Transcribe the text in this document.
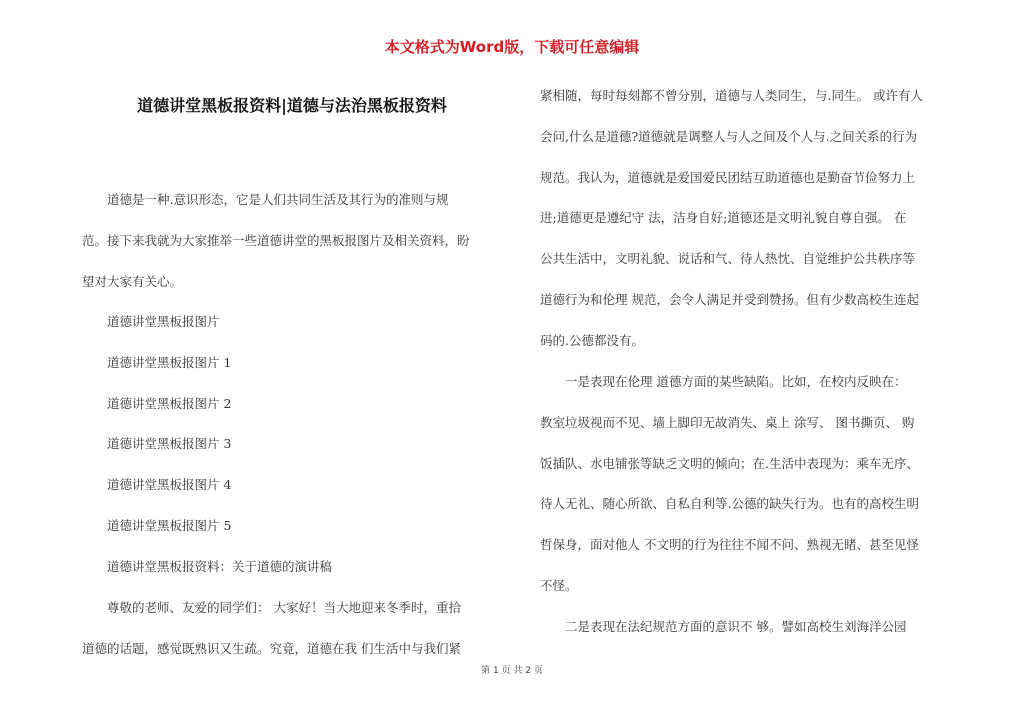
本文格式为Word版，下载可任意编辑
道德讲堂黑板报资料|道德与法治黑板报资料
　　道德是一种.意识形态，它是人们共同生活及其行为的准则与规
范。接下来我就为大家推举一些道德讲堂的黑板报图片及相关资料，盼
望对大家有关心。
　　道德讲堂黑板报图片
　　道德讲堂黑板报图片 1
　　道德讲堂黑板报图片 2
　　道德讲堂黑板报图片 3
　　道德讲堂黑板报图片 4
　　道德讲堂黑板报图片 5
　　道德讲堂黑板报资料：关于道德的演讲稿
　　尊敬的老师、友爱的同学们： 大家好！当大地迎来冬季时，重拾
道德的话题，感觉既熟识又生疏。究竟，道德在我 们生活中与我们紧
紧相随，每时每刻都不曾分别，道德与人类同生，与.同生。 或许有人
会问,什么是道德?道德就是调整人与人之间及个人与.之间关系的行为
规范。我认为，道德就是爱国爱民团结互助道德也是勤奋节俭努力上
进;道德更是遵纪守 法，洁身自好;道德还是文明礼貌自尊自强。 在
公共生活中，文明礼貌、说话和气、待人热忱、自觉维护公共秩序等
道德行为和伦理 规范，会令人满足并受到赞扬。但有少数高校生连起
码的.公德都没有。
　　一是表现在伦理 道德方面的某些缺陷。比如，在校内反映在：
教室垃圾视而不见、墙上脚印无故消失、桌上 涂写、 图书撕页、 购
饭插队、水电铺张等缺乏文明的倾向；在.生活中表现为：乘车无序、
待人无礼、随心所欲、自私自利等.公德的缺失行为。也有的高校生明
哲保身，面对他人 不文明的行为往往不闻不问、熟视无睹、甚至见怪
不怪。
　　二是表现在法纪规范方面的意识不 够。譬如高校生刘海洋公园
第 1 页 共 2 页
